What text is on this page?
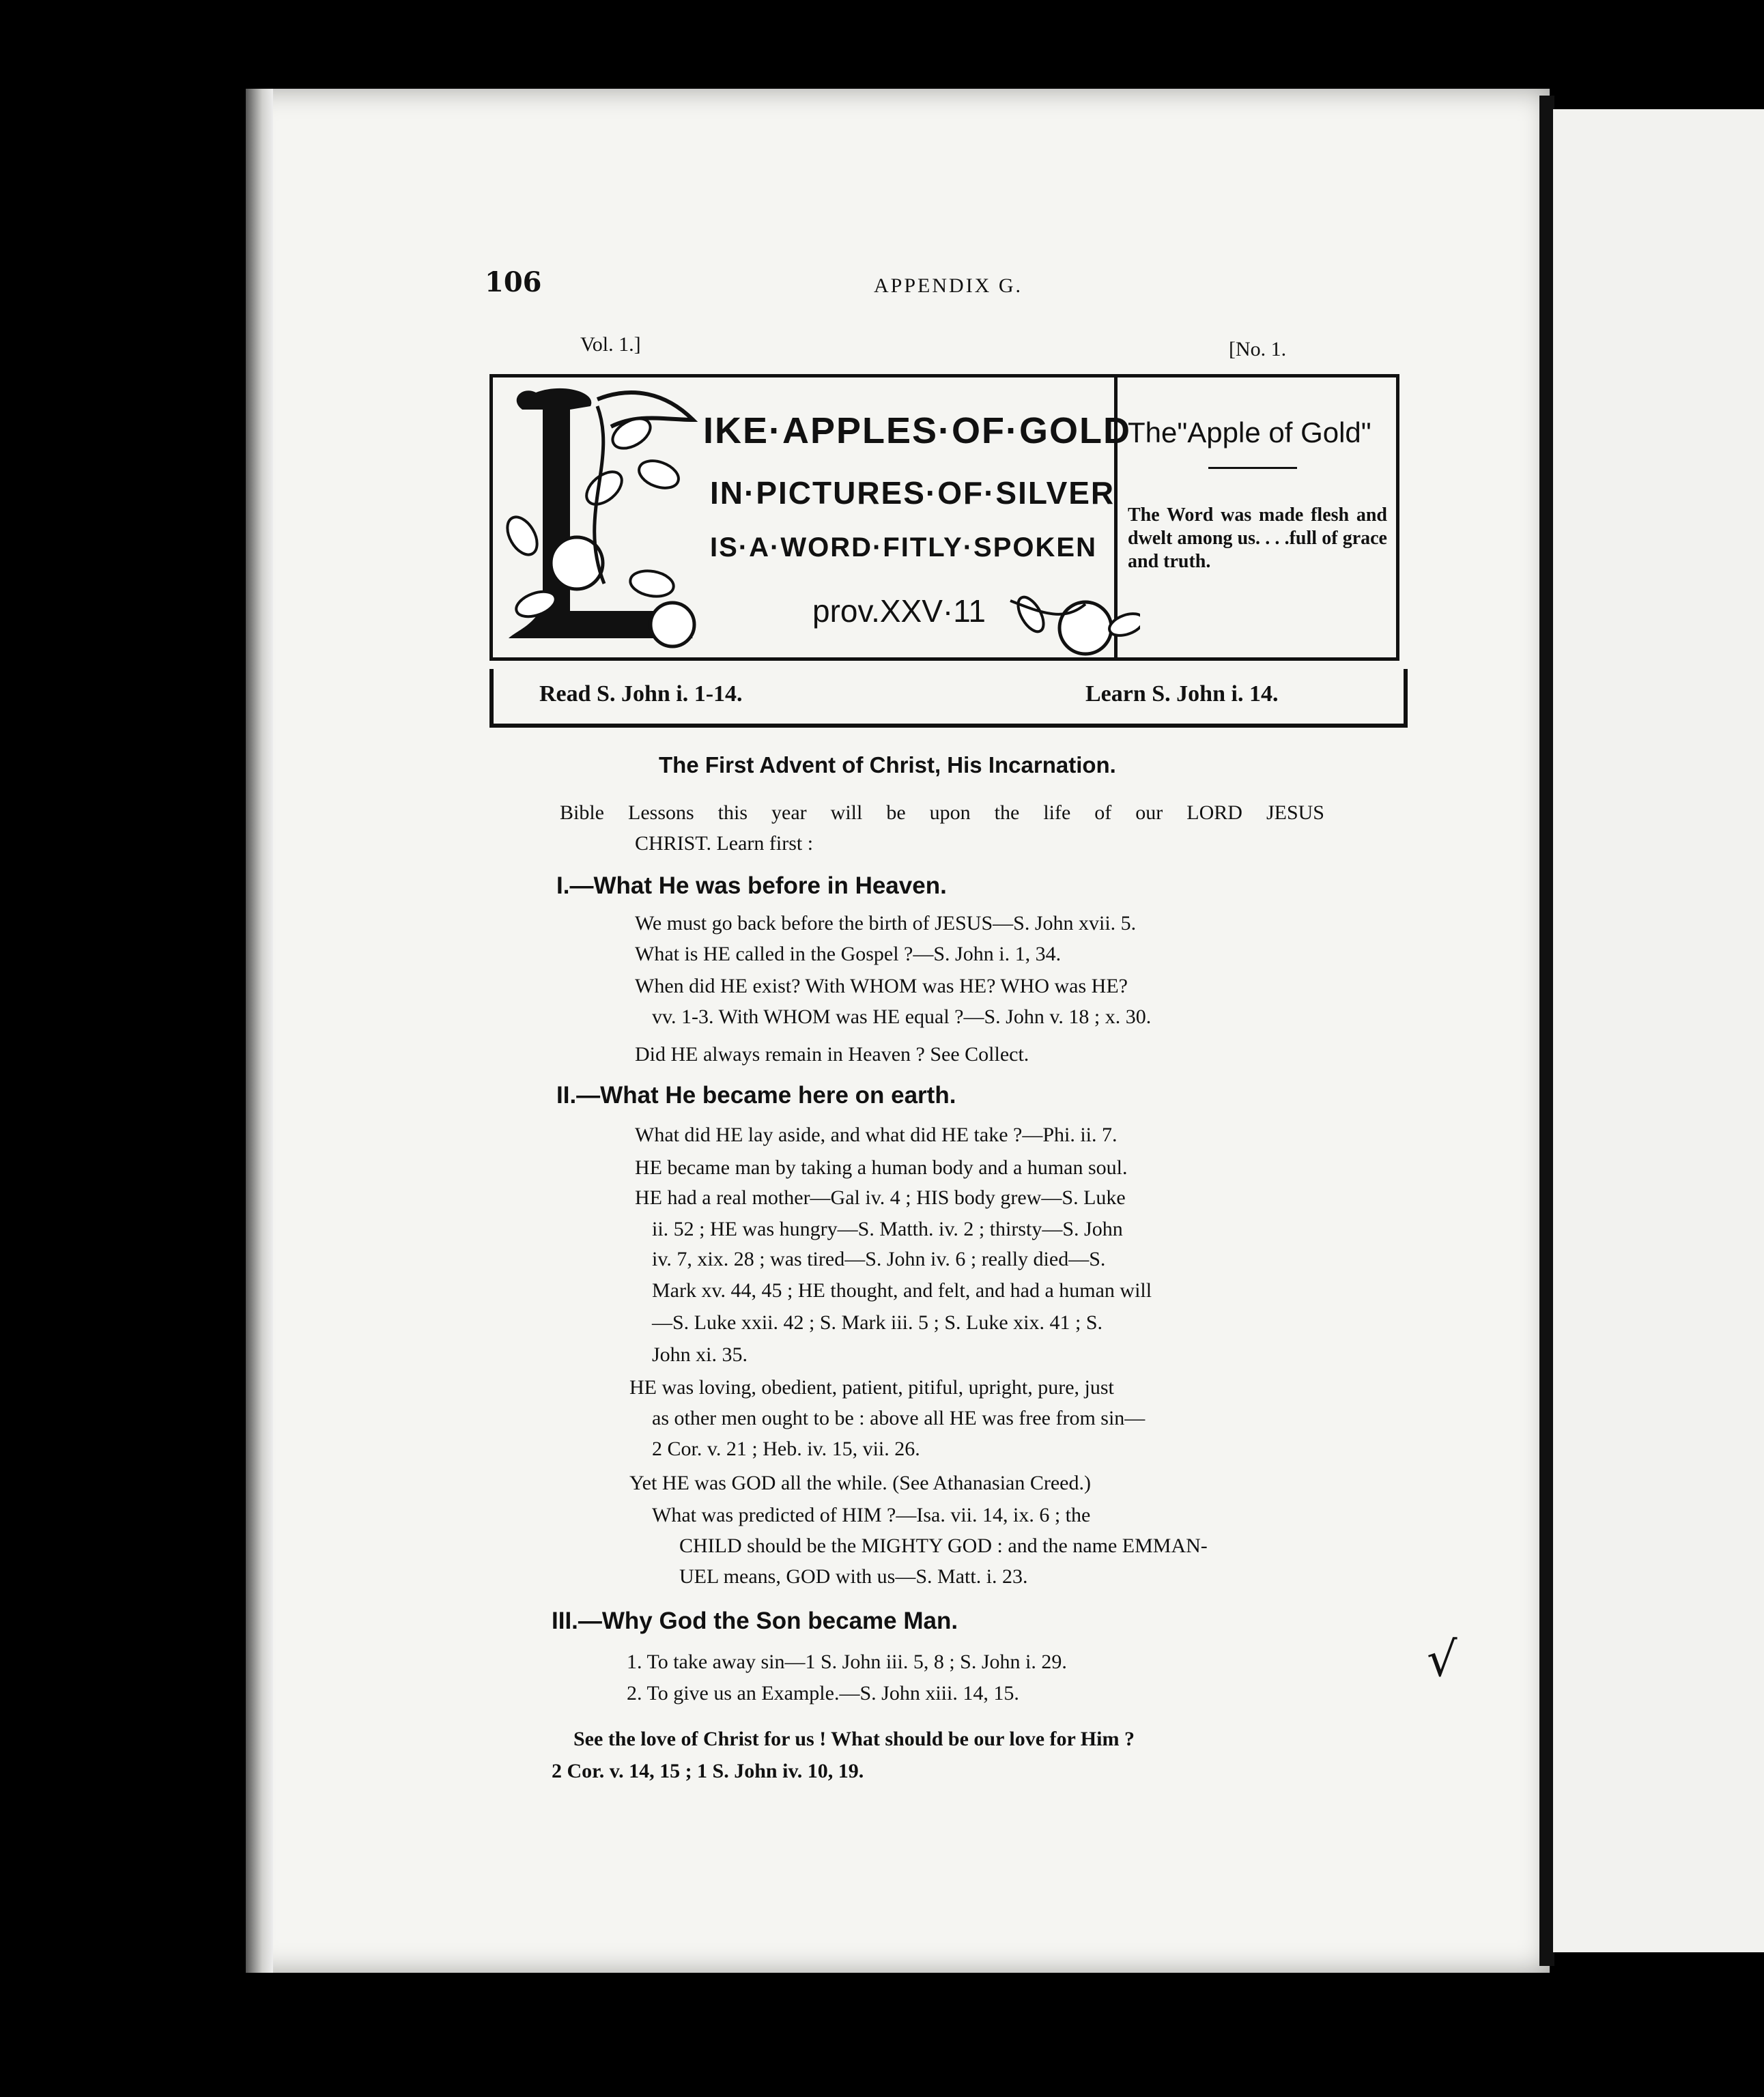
106	APPENDIX G.
Vol. 1.]	[No. 1.
IKE·APPLES·OF·GOLD
IN·PICTURES·OF·SILVER
IS·A·WORD·FITLY·SPOKEN
prov.XXV·11
The"Apple of Gold"
The Word was made flesh and dwelt among us. . . .full of grace and truth.
Read S. John i. 1-14.	Learn S. John i. 14.
The First Advent of Christ, His Incarnation.
Bible Lessons this year will be upon the life of our LORD JESUS
CHRIST. Learn first :
I.—What He was before in Heaven.
We must go back before the birth of JESUS—S. John xvii. 5.
What is HE called in the Gospel ?—S. John i. 1, 34.
When did HE exist? With WHOM was HE? WHO was HE?
vv. 1-3. With WHOM was HE equal ?—S. John v. 18 ; x. 30.
Did HE always remain in Heaven ? See Collect.
II.—What He became here on earth.
What did HE lay aside, and what did HE take ?—Phi. ii. 7.
HE became man by taking a human body and a human soul.
HE had a real mother—Gal iv. 4 ; HIS body grew—S. Luke
ii. 52 ; HE was hungry—S. Matth. iv. 2 ; thirsty—S. John
iv. 7, xix. 28 ; was tired—S. John iv. 6 ; really died—S.
Mark xv. 44, 45 ; HE thought, and felt, and had a human will
—S. Luke xxii. 42 ; S. Mark iii. 5 ; S. Luke xix. 41 ; S.
John xi. 35.
HE was loving, obedient, patient, pitiful, upright, pure, just
as other men ought to be : above all HE was free from sin—
2 Cor. v. 21 ; Heb. iv. 15, vii. 26.
Yet HE was GOD all the while. (See Athanasian Creed.)
What was predicted of HIM ?—Isa. vii. 14, ix. 6 ; the
CHILD should be the MIGHTY GOD : and the name EMMAN-
UEL means, GOD with us—S. Matt. i. 23.
III.—Why God the Son became Man.
1. To take away sin—1 S. John iii. 5, 8 ; S. John i. 29.
2. To give us an Example.—S. John xiii. 14, 15.
See the love of Christ for us ! What should be our love for Him ?
2 Cor. v. 14, 15 ; 1 S. John iv. 10, 19.
√
